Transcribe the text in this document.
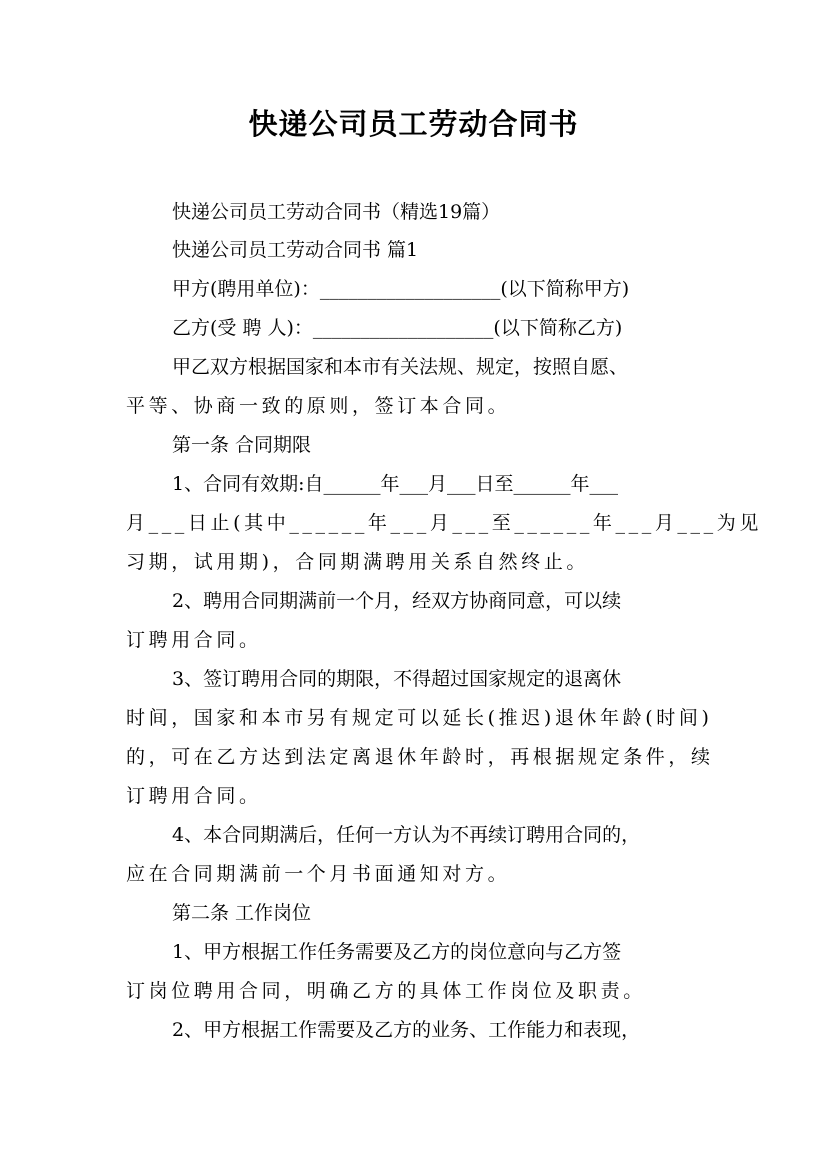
快递公司员工劳动合同书
快递公司员工劳动合同书（精选19篇）
快递公司员工劳动合同书 篇1
甲方(聘用单位)：___________________(以下简称甲方)
乙方(受 聘 人)：___________________(以下简称乙方)
甲乙双方根据国家和本市有关法规、规定，按照自愿、
平等、协商一致的原则，签订本合同。
第一条 合同期限
1、合同有效期:自______年___月___日至______年___
月___日止(其中______年___月___至______年___月___为见
习期，试用期)，合同期满聘用关系自然终止。
2、聘用合同期满前一个月，经双方协商同意，可以续
订聘用合同。
3、签订聘用合同的期限，不得超过国家规定的退离休
时间，国家和本市另有规定可以延长(推迟)退休年龄(时间)
的，可在乙方达到法定离退休年龄时，再根据规定条件，续
订聘用合同。
4、本合同期满后，任何一方认为不再续订聘用合同的，
应在合同期满前一个月书面通知对方。
第二条 工作岗位
1、甲方根据工作任务需要及乙方的岗位意向与乙方签
订岗位聘用合同，明确乙方的具体工作岗位及职责。
2、甲方根据工作需要及乙方的业务、工作能力和表现，
